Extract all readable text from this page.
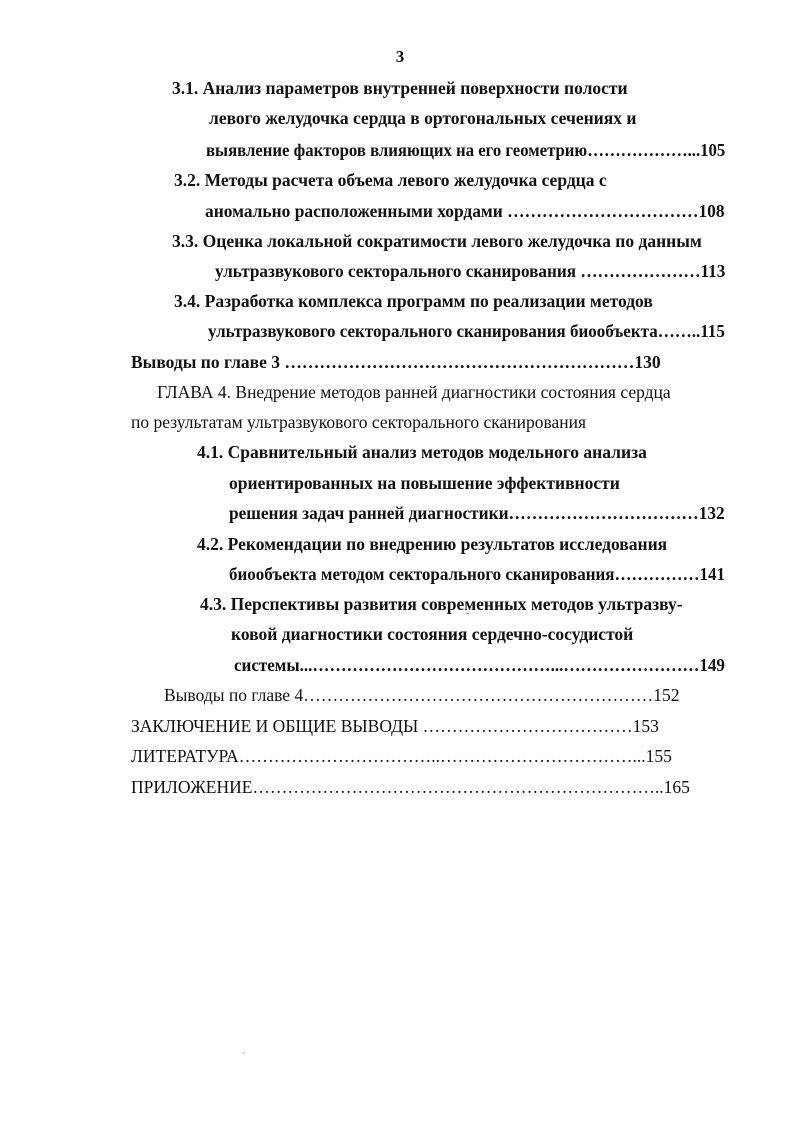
3
3.1. Анализ параметров внутренней поверхности полости
левого желудочка сердца в ортогональных сечениях и
выявление факторов влияющих на его геометрию………………...105
3.2. Методы расчета объема левого желудочка сердца с
аномально расположенными хордами ……………………………108
3.3. Оценка локальной сократимости левого желудочка по данным
ультразвукового секторального сканирования …………………113
3.4. Разработка комплекса программ по реализации методов
ультразвукового секторального сканирования биообъекта……..115
Выводы по главе 3 ……………………………………………………130
ГЛАВА 4. Внедрение методов ранней диагностики состояния сердца
по результатам ультразвукового секторального сканирования
4.1. Сравнительный анализ методов модельного анализа
ориентированных на повышение эффективности
решения задач ранней диагностики……………………………132
4.2. Рекомендации по внедрению результатов исследования
биообъекта методом секторального сканирования……………141
4.3. Перспективы развития современных методов ультразву-
ковой диагностики состояния сердечно-сосудистой
системы...……………………………………...……………………149
Выводы по главе 4……………………………………………………152
ЗАКЛЮЧЕНИЕ И ОБЩИЕ ВЫВОДЫ ………………………………153
ЛИТЕРАТУРА……………………………..……………………………...155
ПРИЛОЖЕНИЕ……………………………………………………………..165
˘
`
